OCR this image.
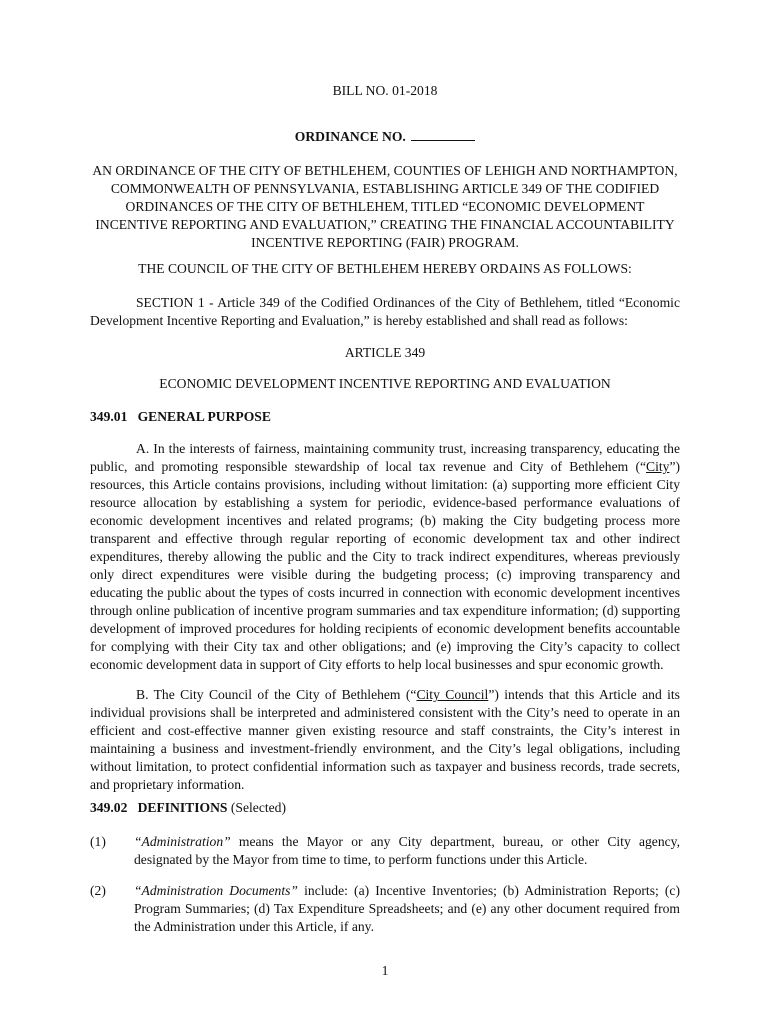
BILL NO. 01-2018

ORDINANCE NO.

AN ORDINANCE OF THE CITY OF BETHLEHEM, COUNTIES OF LEHIGH AND NORTHAMPTON, COMMONWEALTH OF PENNSYLVANIA, ESTABLISHING ARTICLE 349 OF THE CODIFIED ORDINANCES OF THE CITY OF BETHLEHEM, TITLED “ECONOMIC DEVELOPMENT INCENTIVE REPORTING AND EVALUATION,” CREATING THE FINANCIAL ACCOUNTABILITY INCENTIVE REPORTING (FAIR) PROGRAM.

THE COUNCIL OF THE CITY OF BETHLEHEM HEREBY ORDAINS AS FOLLOWS:

SECTION 1 - Article 349 of the Codified Ordinances of the City of Bethlehem, titled “Economic Development Incentive Reporting and Evaluation,” is hereby established and shall read as follows:

ARTICLE 349

ECONOMIC DEVELOPMENT INCENTIVE REPORTING AND EVALUATION

349.01   GENERAL PURPOSE

A. In the interests of fairness, maintaining community trust, increasing transparency, educating the public, and promoting responsible stewardship of local tax revenue and City of Bethlehem (“City”) resources, this Article contains provisions, including without limitation: (a) supporting more efficient City resource allocation by establishing a system for periodic, evidence-based performance evaluations of economic development incentives and related programs; (b) making the City budgeting process more transparent and effective through regular reporting of economic development tax and other indirect expenditures, thereby allowing the public and the City to track indirect expenditures, whereas previously only direct expenditures were visible during the budgeting process; (c) improving transparency and educating the public about the types of costs incurred in connection with economic development incentives through online publication of incentive program summaries and tax expenditure information; (d) supporting development of improved procedures for holding recipients of economic development benefits accountable for complying with their City tax and other obligations; and (e) improving the City’s capacity to collect economic development data in support of City efforts to help local businesses and spur economic growth.

B. The City Council of the City of Bethlehem (“City Council”) intends that this Article and its individual provisions shall be interpreted and administered consistent with the City’s need to operate in an efficient and cost-effective manner given existing resource and staff constraints, the City’s interest in maintaining a business and investment-friendly environment, and the City’s legal obligations, including without limitation, to protect confidential information such as taxpayer and business records, trade secrets, and proprietary information.

349.02   DEFINITIONS (Selected)

(1)	“Administration” means the Mayor or any City department, bureau, or other City agency, designated by the Mayor from time to time, to perform functions under this Article.

(2)	“Administration Documents” include: (a) Incentive Inventories; (b) Administration Reports; (c) Program Summaries; (d) Tax Expenditure Spreadsheets; and (e) any other document required from the Administration under this Article, if any.

1
